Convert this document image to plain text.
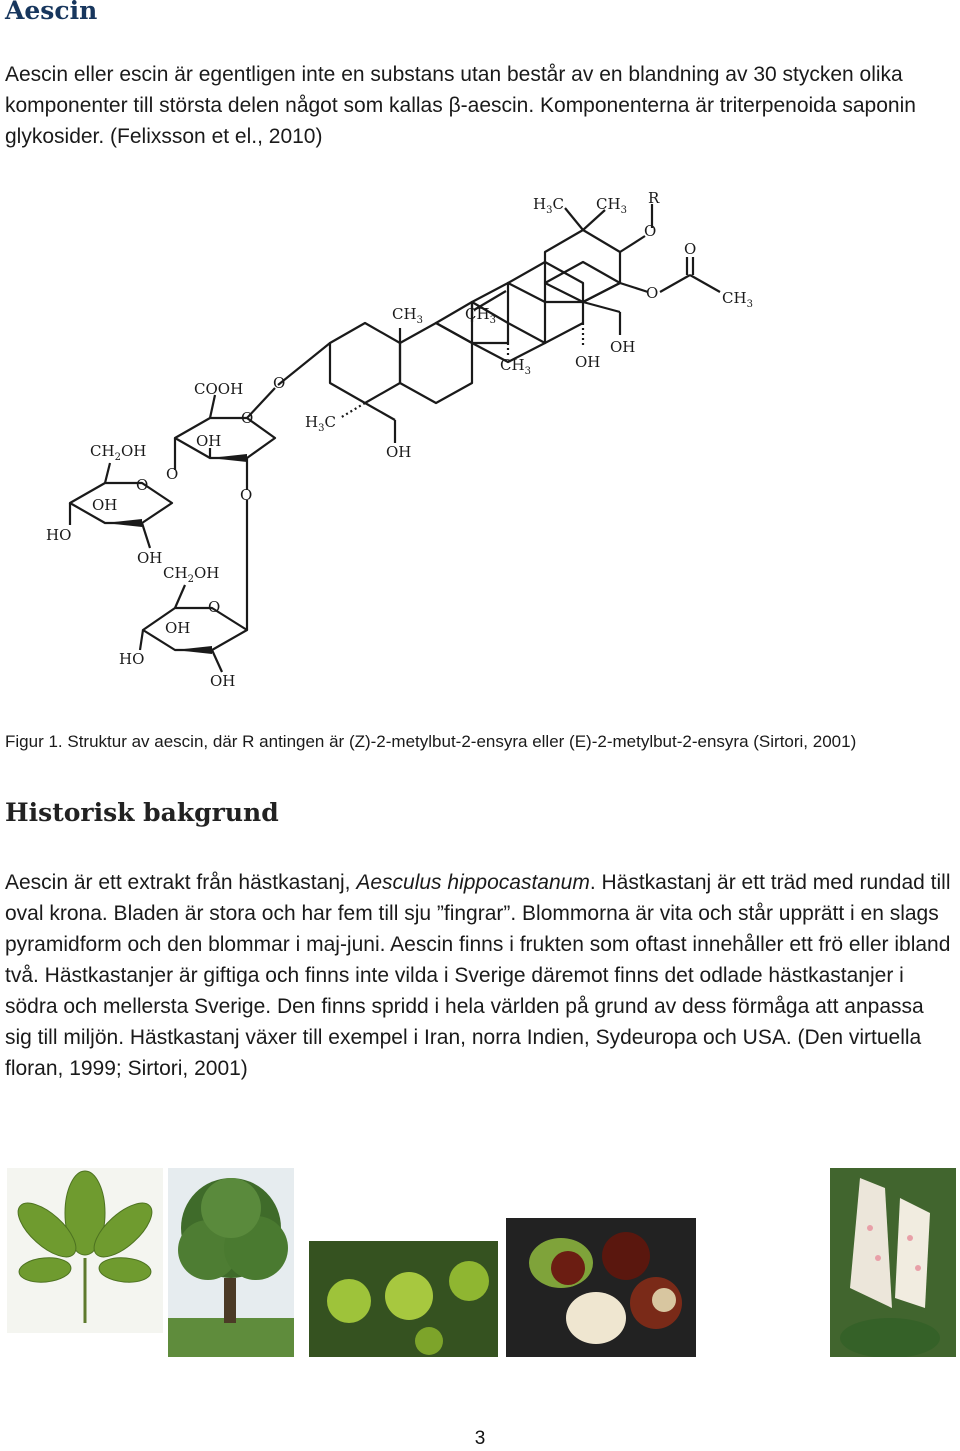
Aescin

Aescin eller escin är egentligen inte en substans utan består av en blandning av 30 stycken olika komponenter till största delen något som kallas β-aescin. Komponenterna är triterpenoida saponin glykosider. (Felixsson et el., 2010)

$H_3C$ $CH_3$
R
O
O
O	$CH_3$
$CH_3$	$CH_3$
$CH_3$
OH
OH
O
COOH
O
OH
$H_3C$
OH
$CH_2OH$
O
O
OH
HO
O
OH
$CH_2OH$
O
OH
HO
OH

Figur 1. Struktur av aescin, där R antingen är (Z)-2-metylbut-2-ensyra eller (E)-2-metylbut-2-ensyra (Sirtori, 2001)

Historisk bakgrund

Aescin är ett extrakt från hästkastanj, Aesculus hippocastanum. Hästkastanj är ett träd med rundad till oval krona. Bladen är stora och har fem till sju ”fingrar”. Blommorna är vita och står upprätt i en slags pyramidform och den blommar i maj-juni. Aescin finns i frukten som oftast innehåller ett frö eller ibland två. Hästkastanjer är giftiga och finns inte vilda i Sverige däremot finns det odlade hästkastanjer i södra och mellersta Sverige. Den finns spridd i hela världen på grund av dess förmåga att anpassa sig till miljön. Hästkastanj växer till exempel i Iran, norra Indien, Sydeuropa och USA. (Den virtuella floran, 1999; Sirtori, 2001)

3
